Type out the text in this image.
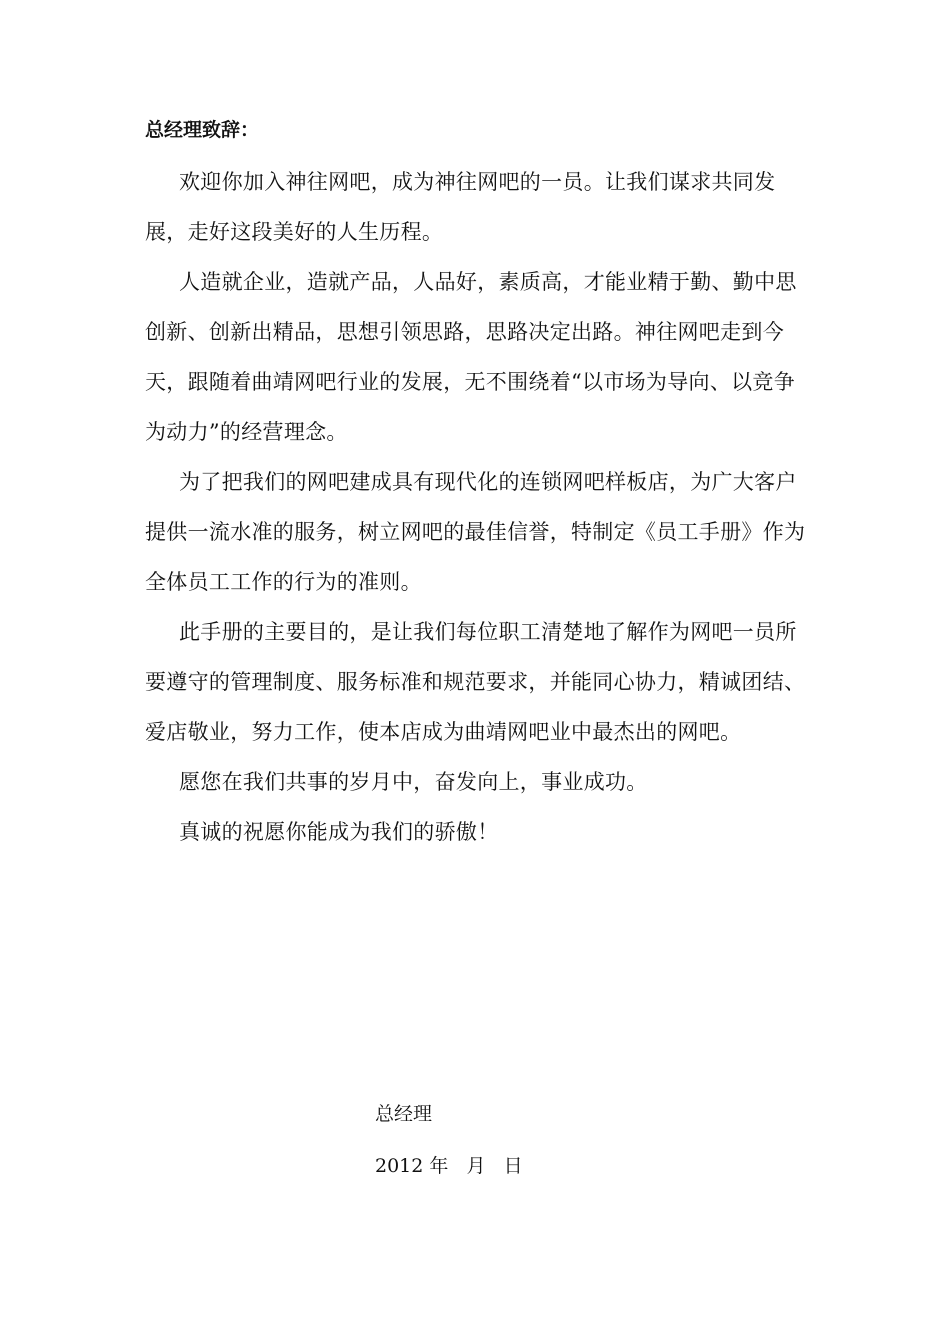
总经理致辞：

欢迎你加入神往网吧，成为神往网吧的一员。让我们谋求共同发展，走好这段美好的人生历程。

人造就企业，造就产品，人品好，素质高，才能业精于勤、勤中思创新、创新出精品，思想引领思路，思路决定出路。神往网吧走到今天，跟随着曲靖网吧行业的发展，无不围绕着“以市场为导向、以竞争为动力”的经营理念。

为了把我们的网吧建成具有现代化的连锁网吧样板店，为广大客户提供一流水准的服务，树立网吧的最佳信誉，特制定《员工手册》作为全体员工工作的行为的准则。

此手册的主要目的，是让我们每位职工清楚地了解作为网吧一员所要遵守的管理制度、服务标准和规范要求，并能同心协力，精诚团结、爱店敬业，努力工作，使本店成为曲靖网吧业中最杰出的网吧。

愿您在我们共事的岁月中，奋发向上，事业成功。

真诚的祝愿你能成为我们的骄傲！

总经理

2012 年   月   日
